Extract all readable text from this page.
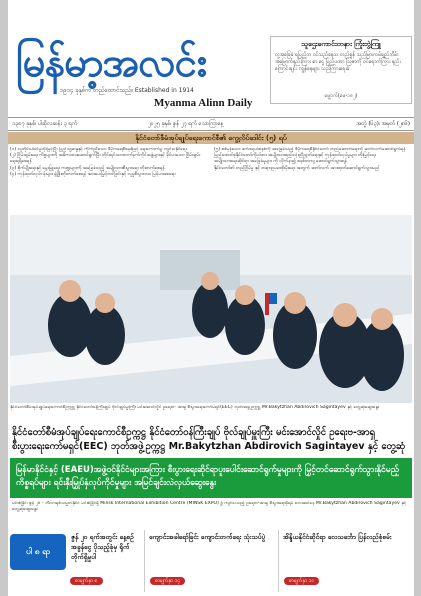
မြန်မာ့အလင်း
၁၉၁၄ ခုနှစ်က တည်ထောင်သည်။ Established in 1914
Myanma Alinn Daily
သူဌေးကောင်းတနား ကြုံးဘွဲ့ကြူ
လူ့အခြေခံ ရပြည်ဘ ဝင်သည်နေသ တည်စွန် သည်မြားကမ်ချည်ဘိမ်း အမြောက်နည်းကြား စာ ငွေ ပြည်ပဏာ သြဇာကို ဝင်ရောက်ကြား နည်းကြောင်းချင်း ကျွန်နေများ သည်ကြားရေးခံ
မွေ့ဝက်(မေ-၁၈၂)
၁၃၈၇ ခုနှစ်၊ ပါဆိုလဆန်း ၃ ရက်	၂၀၂၅ ခုနှစ်၊ ဇွန် ၂၇ ရက် သောကြာနေ့	အတွဲ (၆၃)၊ အမှတ် (၂၈၆)
နိုင်ငံတော်စီမံအုပ်ချုပ်ရေးကောင်စီ၏ ကွေ့လိပ်ဒေါင်း (၅) ရပ်
(၁) လူတိုင်းပါဝင်မှုတိုးမြင့်ပြီး ပြည်သူ့ဆန္ဒနှင့် ကိုက်ညီသော ဒီမိုကရေစီစနစ်ဖြင့် ရေးကောက်ပွဲ ကျင်းပနိုင်ရေး
(၂) ငြိမ်းချမ်းရေး ကိစ္စများကို အဓိကထားဆောင်ရွက်ပြီး တိုင်းရင်းသားလက်နက်ကိုင်အဖွဲ့များနှင့် ခိုင်မာသော ငြိမ်းချမ်းရေးရရှိစေရန်
(၃) စိုက်ပျိုးရေးနှင့် မွေးမြူရေး ကဏ္ဍများကို အခြေခံသည့် အမျိုးသားစီးပွားရေး တိုးတက်စေရန်
(၄) ကုန်ထုတ်လုပ်ငန်းများ ဖွံ့ဖြိုးတိုးတက်စေရန် အားပေးမြှင့်တင်ခြင်းနှင့် လူမှုစီးပွားဘဝ မြင့်မားစေရေး
(၅) စစ်မှန်သော ဖက်ဒရယ်စနစ်ကို အခြေခံသည့် ဒီမိုကရေစီနိုင်ငံတော် တည်ဆောက်ရေးကို ဆက်လက်ဆောင်ရွက်ရန်
ပြည်ထောင်စုနိုင်ငံတော်ကိုယ်စား အမျိုးသားစည်းလုံးညီညွတ်ရေးနှင့် ကုန်ထုတ်လုပ်မှုများ တိုးမြှင့်ရေး
အမျိုးသားရေးဆိုင်ရာ အခြေခံမူများ ကို လိုက်နာ၍ စနစ်တကျ ဆောင်ရွက်သွားရန်
နိုင်ငံတော်၏ တည်ငြိမ်မှု နှင့် တရားဥပဒေစိုးမိုးရေး အတွက် ဆက်လက် အားထုတ်ဆောင်ရွက်သွားမည်
နိုင်ငံတော်စီမံအုပ်ချုပ်ရေးကောင်စီဥက္ကဋ္ဌ နိုင်ငံတော်ဝန်ကြီးချုပ် ဗိုလ်ချုပ်မှူးကြီး မင်းအောင်လှိုင် ဥရေးဗ- အာရှ စီးပွားရေးကော်မရှင်(EEC) ဘုတ်အဖွဲ့ဥက္ကဋ္ဌ Mr.Bakytzhan Abdirovich Sagintayev နှင့် တွေ့ဆုံဆွေးနွေး
နိုင်ငံတော်စီမံအုပ်ချုပ်ရေးကောင်စီဥက္ကဋ္ဌ နိုင်ငံတော်ဝန်ကြီးချုပ် ဗိုလ်ချုပ်မှူးကြီး မင်းအောင်လှိုင် ဥရေးဗ-အာရှ စီးပွားရေးကော်မရှင်(EEC) ဘုတ်အဖွဲ့ဥက္ကဋ္ဌ Mr.Bakytzhan Abdirovich Sagintayev နှင့် တွေ့ဆုံ
မြန်မာနိုင်ငံနှင့် (EAEU)အဖွဲ့ဝင်နိုင်ငံများအကြား စီးပွားရေးဆိုင်ရာပူးပေါင်းဆောင်ရွက်မှုများကို မြှင့်တင်ဆောင်ရွက်သွားနိုင်မည့်ကိစ္စရပ်များ ရင်းနှီးမြှုပ်နှံလုပ်ကိုင်မှုများ အမြင်ချင်းလဲလှယ်ဆွေးနွေး
မင်းစ်ခြိုင်၊ ဇွန် ၂၆ - ဘီလာရုစ်သမ္မတနိုင်ငံ မင်းစ်ခြိုင်ရှိ Minsk International Exhibition Centre (MINSK EXPO) ၌ ကျင်းပသည့် ဥရေးဗ-အာရှ စီးပွားရေးဖိုရမ် ဘေးဆင်နေ Mr.Bakytzhan Abdirovich Sagintayev နှင့် တွေ့ဆုံဆွေးနွေး
ပါ ၈ ရာ
ဇွန် ၂၀ ရက်အတွင်း နေ့စဉ်အခွန်ငွေ ပိုသည့်ခုံမှ ရိုက်တိုက်ရှိမှုပါ
စာမျက်နှာ ၈
ကျောင်းအခါရော်ခြင်း ကျောင်းတက်ရေး သုံးသပ်ပွဲ
စာမျက်နှာ ၁၄
အိန္ဒိယနိုင်ငံဆိုင်ရာ လေသင်္ဘော ပြန်လည်စုံစမ်း
စာမျက်နှာ ၁၀
